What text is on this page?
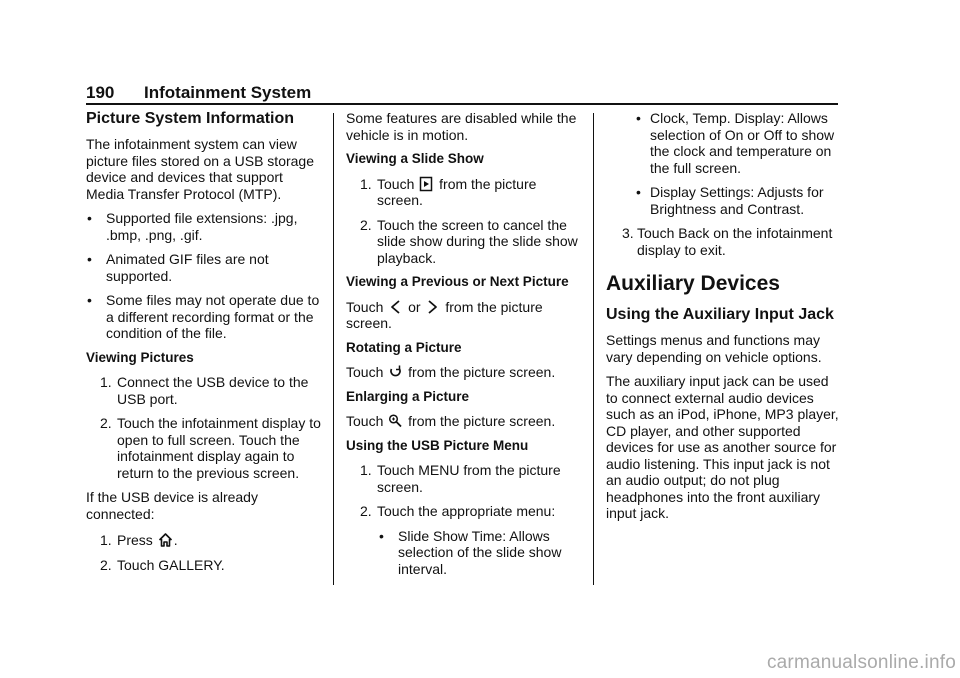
190 Infotainment System
Picture System Information

The infotainment system can view picture files stored on a USB storage device and devices that support Media Transfer Protocol (MTP).

• Supported file extensions: .jpg, .bmp, .png, .gif.
• Animated GIF files are not supported.
• Some files may not operate due to a different recording format or the condition of the file.
Viewing Pictures
1. Connect the USB device to the USB port.
2. Touch the infotainment display to open to full screen. Touch the infotainment display again to return to the previous screen.

If the USB device is already connected:

1. Press .
2. Touch GALLERY.

Some features are disabled while the vehicle is in motion.

Viewing a Slide Show
1. Touch from the picture screen.
2. Touch the screen to cancel the slide show during the slide show playback.
Viewing a Previous or Next Picture

Touch or from the picture screen.

Rotating a Picture

Touch from the picture screen.

Enlarging a Picture

Touch from the picture screen.

Using the USB Picture Menu
1. Touch MENU from the picture screen.
2. Touch the appropriate menu:
• Slide Show Time: Allows selection of the slide show interval.
• Clock, Temp. Display: Allows selection of On or Off to show the clock and temperature on the full screen.
• Display Settings: Adjusts for Brightness and Contrast.
3. Touch Back on the infotainment display to exit.
Auxiliary Devices
Using the Auxiliary Input Jack

Settings menus and functions may vary depending on vehicle options.

The auxiliary input jack can be used to connect external audio devices such as an iPod, iPhone, MP3 player, CD player, and other supported devices for use as another source for audio listening. This input jack is not an audio output; do not plug headphones into the front auxiliary input jack.

carmanualsonline.info
